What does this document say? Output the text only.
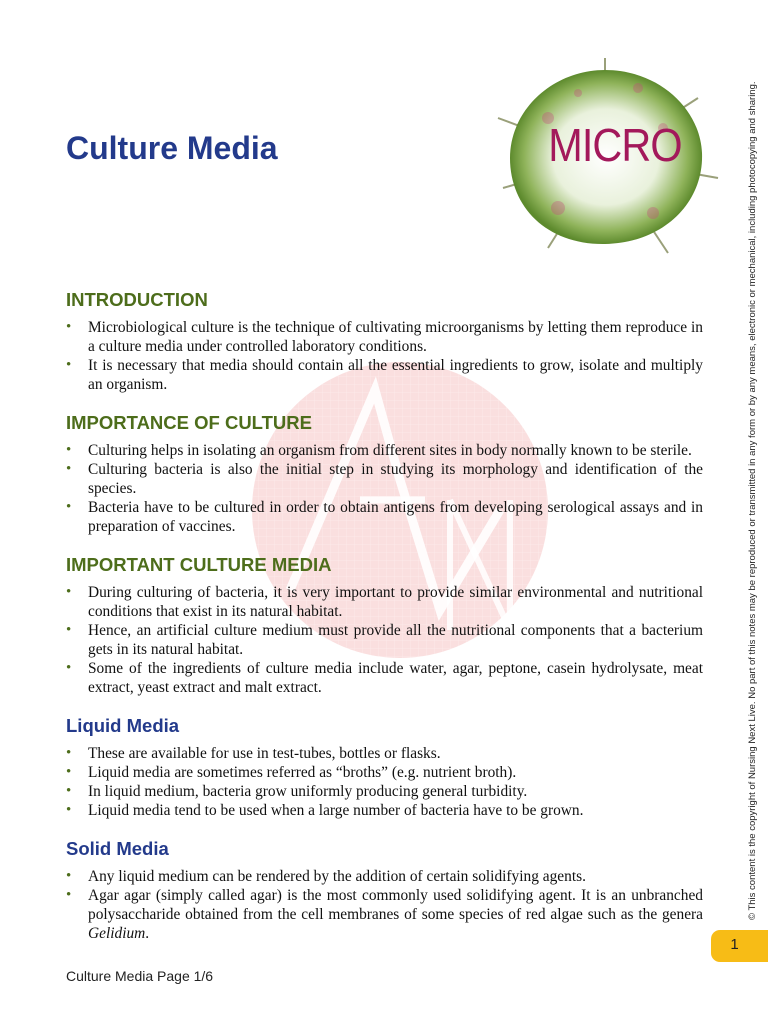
MICRO
Culture Media
INTRODUCTION
• Microbiological culture is the technique of cultivating microorganisms by letting them reproduce in a culture media under controlled laboratory conditions.
• It is necessary that media should contain all the essential ingredients to grow, isolate and multiply an organism.
IMPORTANCE OF CULTURE
• Culturing helps in isolating an organism from different sites in body normally known to be sterile.
• Culturing bacteria is also the initial step in studying its morphology and identification of the species.
• Bacteria have to be cultured in order to obtain antigens from developing serological assays and in preparation of vaccines.
IMPORTANT CULTURE MEDIA
• During culturing of bacteria, it is very important to provide similar environmental and nutritional conditions that exist in its natural habitat.
• Hence, an artificial culture medium must provide all the nutritional components that a bacterium gets in its natural habitat.
• Some of the ingredients of culture media include water, agar, peptone, casein hydrolysate, meat extract, yeast extract and malt extract.
Liquid Media
• These are available for use in test-tubes, bottles or flasks.
• Liquid media are sometimes referred as “broths” (e.g. nutrient broth).
• In liquid medium, bacteria grow uniformly producing general turbidity.
• Liquid media tend to be used when a large number of bacteria have to be grown.
Solid Media
• Any liquid medium can be rendered by the addition of certain solidifying agents.
• Agar agar (simply called agar) is the most commonly used solidifying agent. It is an unbranched polysaccharide obtained from the cell membranes of some species of red algae such as the genera Gelidium.
Culture Media Page 1/6
1
© This content is the copyright of Nursing Next Live. No part of this notes may be reproduced or transmitted in any form or by any means, electronic or mechanical, including photocopying and sharing.
